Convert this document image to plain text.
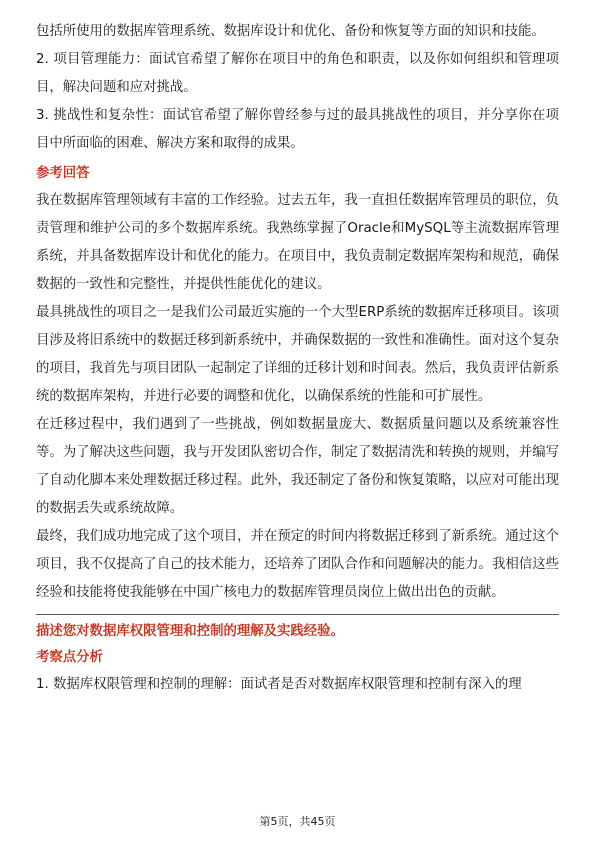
包括所使用的数据库管理系统、数据库设计和优化、备份和恢复等方面的知识和技能。

2. 项目管理能力：面试官希望了解你在项目中的角色和职责，以及你如何组织和管理项目，解决问题和应对挑战。

3. 挑战性和复杂性：面试官希望了解你曾经参与过的最具挑战性的项目，并分享你在项目中所面临的困难、解决方案和取得的成果。

参考回答

我在数据库管理领域有丰富的工作经验。过去五年，我一直担任数据库管理员的职位，负责管理和维护公司的多个数据库系统。我熟练掌握了Oracle和MySQL等主流数据库管理系统，并具备数据库设计和优化的能力。在项目中，我负责制定数据库架构和规范，确保数据的一致性和完整性，并提供性能优化的建议。

最具挑战性的项目之一是我们公司最近实施的一个大型ERP系统的数据库迁移项目。该项目涉及将旧系统中的数据迁移到新系统中，并确保数据的一致性和准确性。面对这个复杂的项目，我首先与项目团队一起制定了详细的迁移计划和时间表。然后，我负责评估新系统的数据库架构，并进行必要的调整和优化，以确保系统的性能和可扩展性。

在迁移过程中，我们遇到了一些挑战，例如数据量庞大、数据质量问题以及系统兼容性等。为了解决这些问题，我与开发团队密切合作，制定了数据清洗和转换的规则，并编写了自动化脚本来处理数据迁移过程。此外，我还制定了备份和恢复策略，以应对可能出现的数据丢失或系统故障。

最终，我们成功地完成了这个项目，并在预定的时间内将数据迁移到了新系统。通过这个项目，我不仅提高了自己的技术能力，还培养了团队合作和问题解决的能力。我相信这些经验和技能将使我能够在中国广核电力的数据库管理员岗位上做出出色的贡献。

描述您对数据库权限管理和控制的理解及实践经验。

考察点分析

1. 数据库权限管理和控制的理解：面试者是否对数据库权限管理和控制有深入的理

第5页，共45页
